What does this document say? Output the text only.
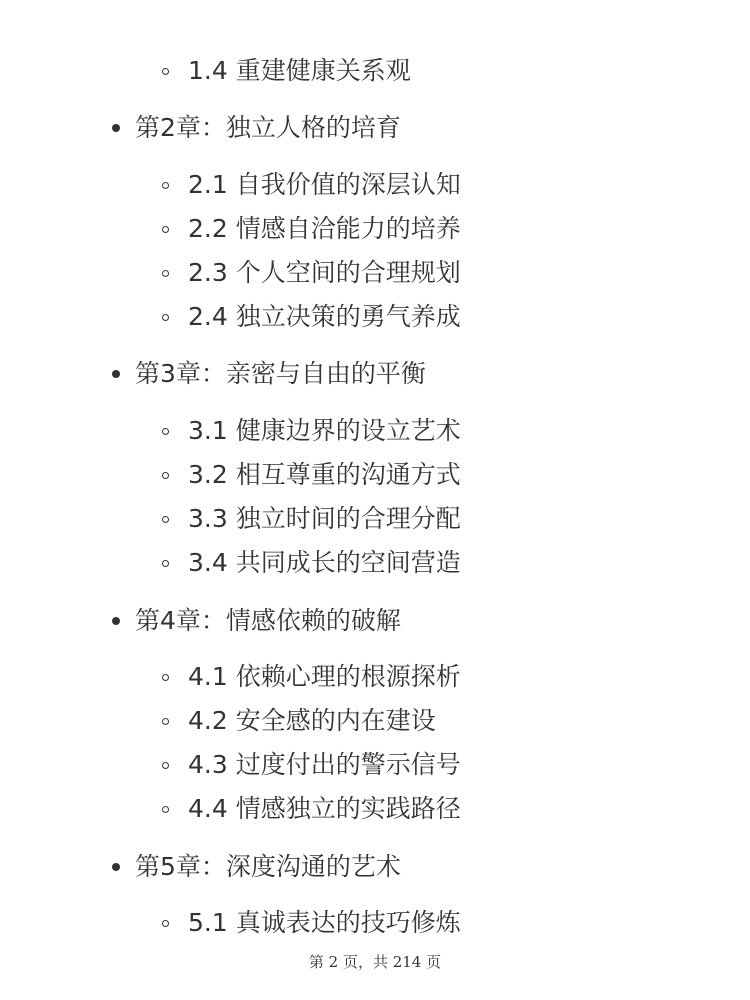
1.4 重建健康关系观
第2章：独立人格的培育
2.1 自我价值的深层认知
2.2 情感自洽能力的培养
2.3 个人空间的合理规划
2.4 独立决策的勇气养成
第3章：亲密与自由的平衡
3.1 健康边界的设立艺术
3.2 相互尊重的沟通方式
3.3 独立时间的合理分配
3.4 共同成长的空间营造
第4章：情感依赖的破解
4.1 依赖心理的根源探析
4.2 安全感的内在建设
4.3 过度付出的警示信号
4.4 情感独立的实践路径
第5章：深度沟通的艺术
5.1 真诚表达的技巧修炼
第 2 页，共 214 页
